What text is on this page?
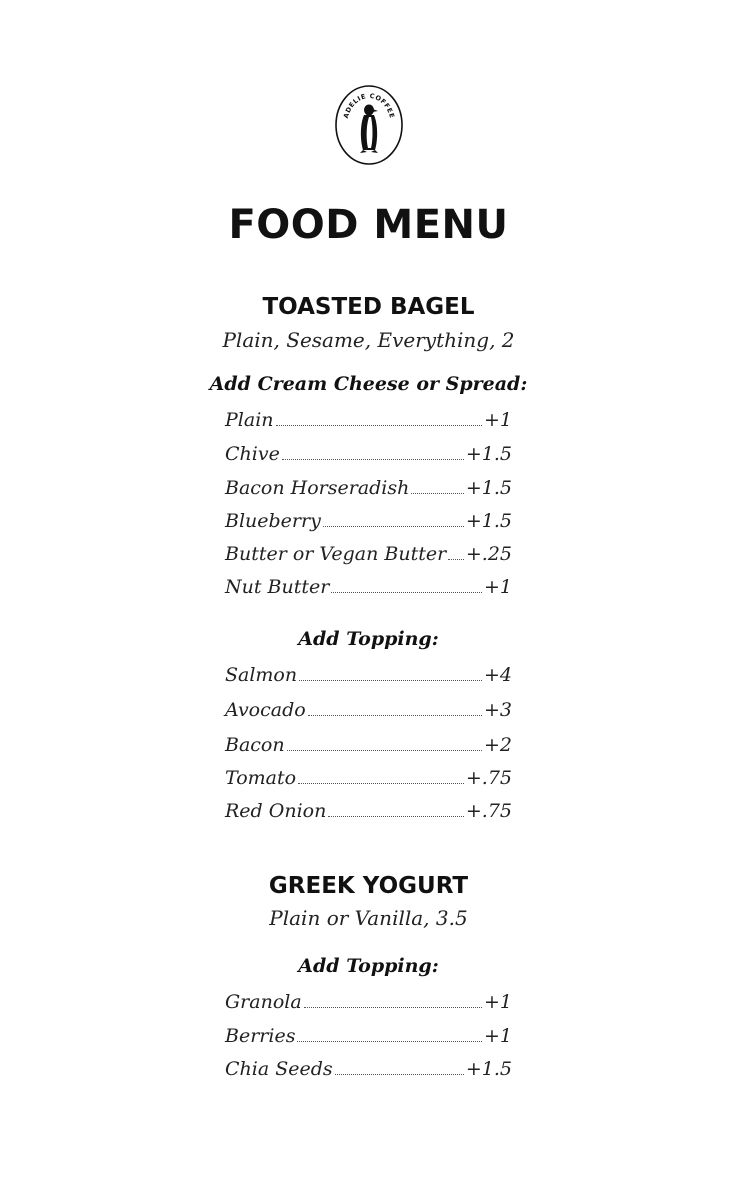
ADELIE COFFEE
FOOD MENU
TOASTED BAGEL
Plain, Sesame, Everything, 2
Add Cream Cheese or Spread:
Plain	+1
Chive	+1.5
Bacon Horseradish	+1.5
Blueberry	+1.5
Butter or Vegan Butter +.25
Nut Butter	+1
Add Topping:
Salmon	+4
Avocado	+3
Bacon	+2
Tomato	+.75
Red Onion	+.75
GREEK YOGURT
Plain or Vanilla, 3.5
Add Topping:
Granola	+1
Berries	+1
Chia Seeds	+1.5
